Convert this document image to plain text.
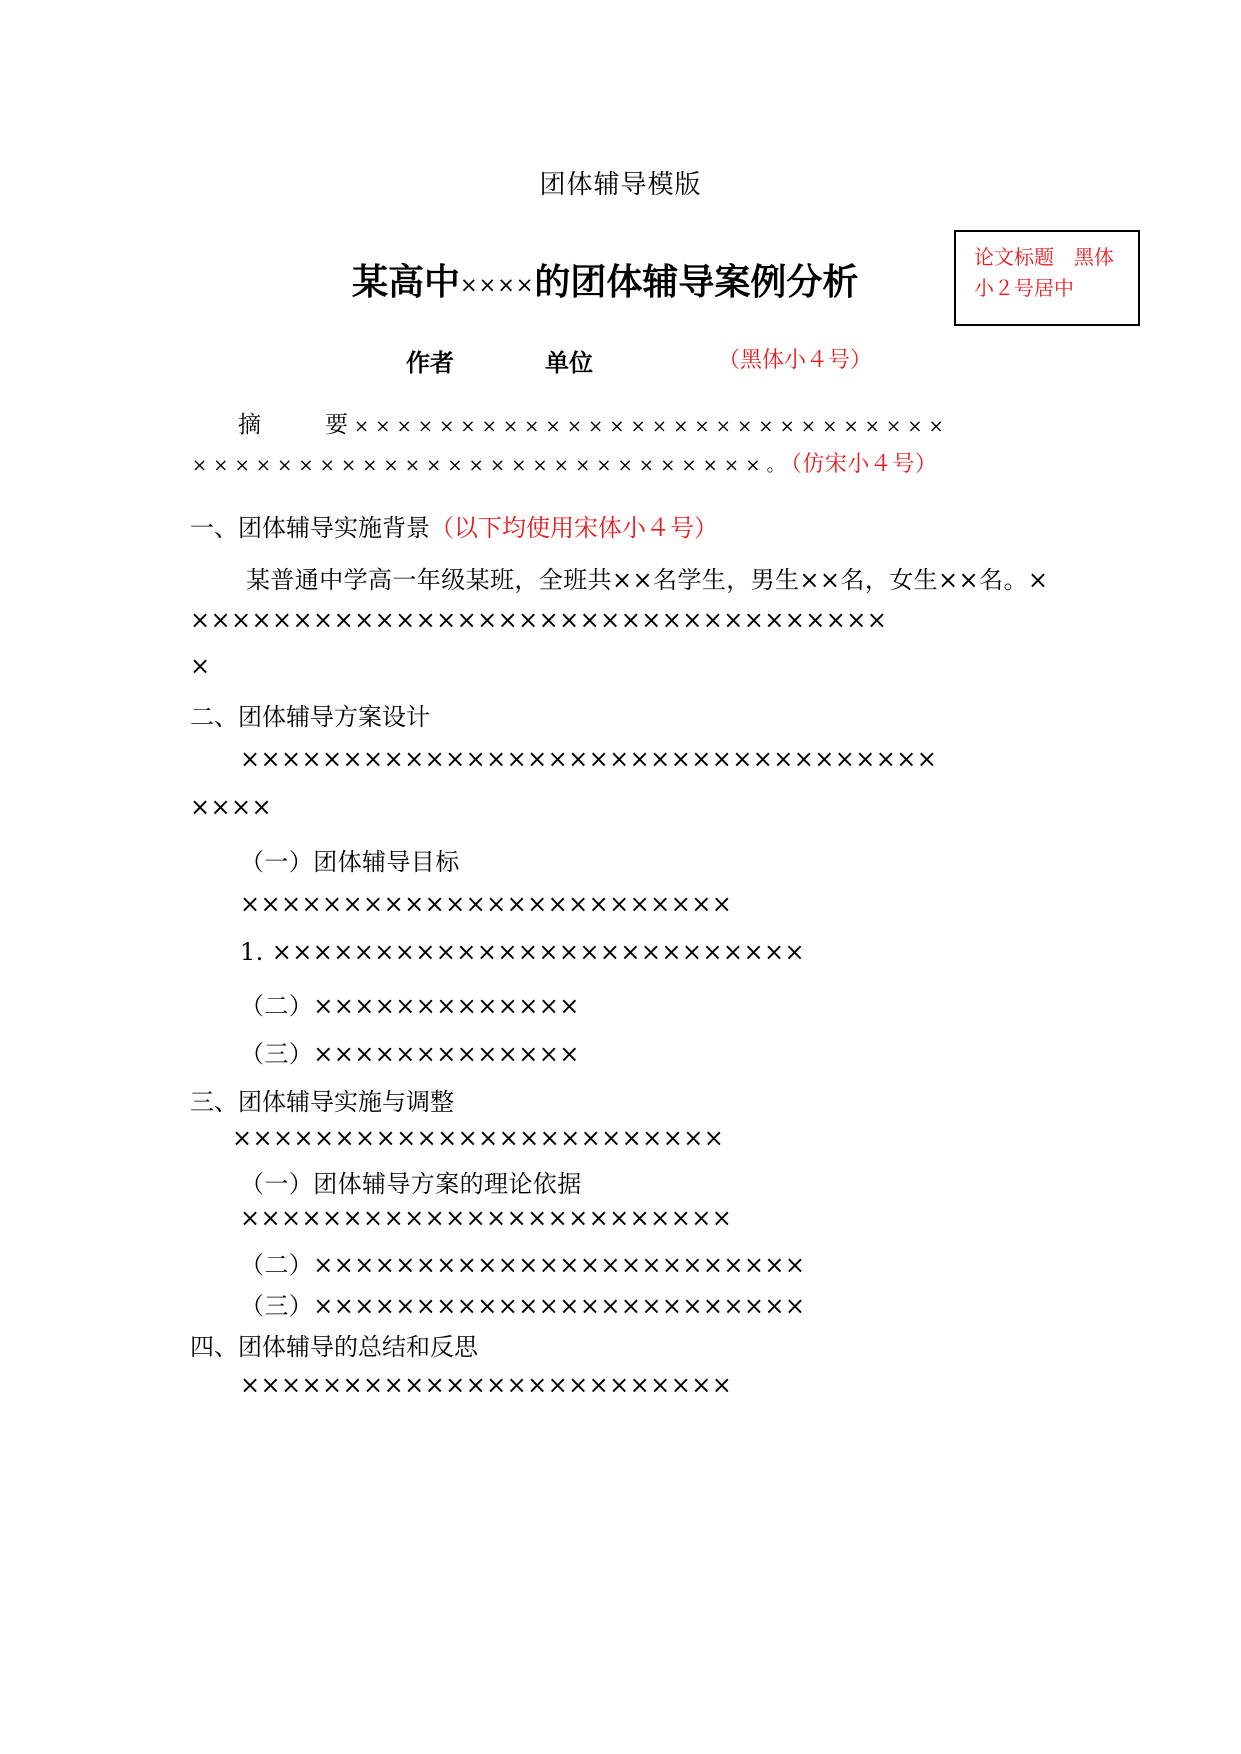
团体辅导模版
某高中××××的团体辅导案例分析
论文标题　黑体小２号居中
作者	单位	（黑体小４号）
摘　　要××××××××××××××××××××××××××××
×××××××××××××××××××××××××××。（仿宋小４号）
一、团体辅导实施背景（以下均使用宋体小４号）
某普通中学高一年级某班，全班共××名学生，男生××名，女生××名。×
××××××××××××××××××××××××××××××××××
×
二、团体辅导方案设计
××××××××××××××××××××××××××××××××××
××××
（一）团体辅导目标
××××××××××××××××××××××××
1. ××××××××××××××××××××××××××
（二）×××××××××××××
（三）×××××××××××××
三、团体辅导实施与调整
××××××××××××××××××××××××
（一）团体辅导方案的理论依据
××××××××××××××××××××××××
（二）××××××××××××××××××××××××
（三）××××××××××××××××××××××××
四、团体辅导的总结和反思
××××××××××××××××××××××××
